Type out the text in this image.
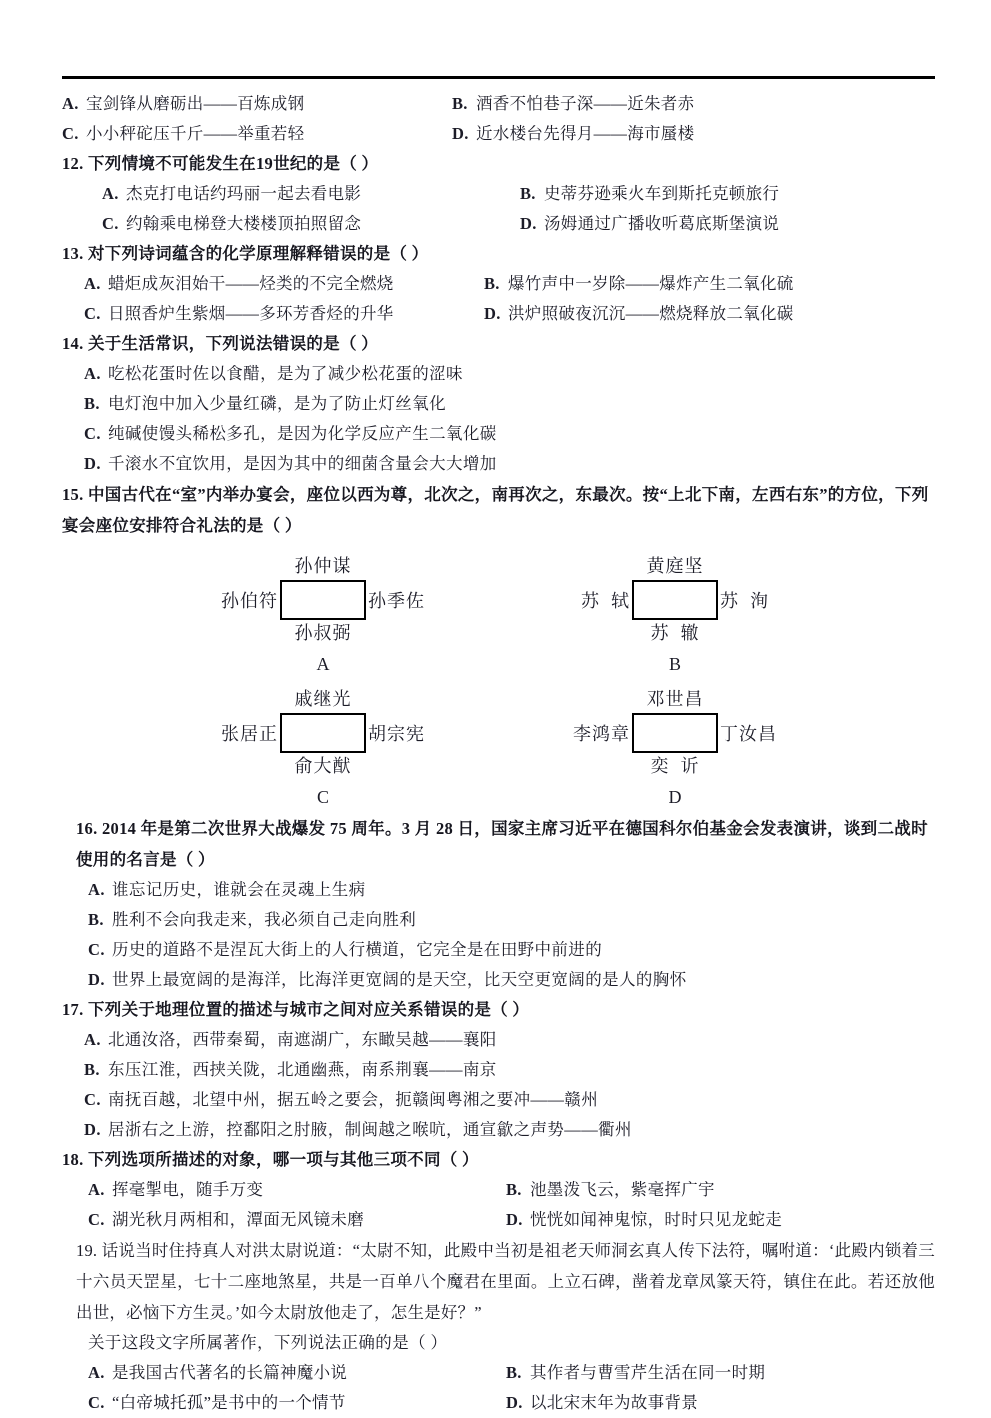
A. 宝剑锋从磨砺出——百炼成钢	B. 酒香不怕巷子深——近朱者赤
C. 小小秤砣压千斤——举重若轻	D. 近水楼台先得月——海市蜃楼
12. 下列情境不可能发生在19世纪的是（ ）
A. 杰克打电话约玛丽一起去看电影	B. 史蒂芬逊乘火车到斯托克顿旅行
C. 约翰乘电梯登大楼楼顶拍照留念	D. 汤姆通过广播收听葛底斯堡演说
13. 对下列诗词蕴含的化学原理解释错误的是（ ）
A. 蜡炬成灰泪始干——烃类的不完全燃烧	B. 爆竹声中一岁除——爆炸产生二氧化硫
C. 日照香炉生紫烟——多环芳香烃的升华	D. 洪炉照破夜沉沉——燃烧释放二氧化碳
14. 关于生活常识，下列说法错误的是（ ）
A. 吃松花蛋时佐以食醋，是为了减少松花蛋的涩味
B. 电灯泡中加入少量红磷，是为了防止灯丝氧化
C. 纯碱使馒头稀松多孔，是因为化学反应产生二氧化碳
D. 千滚水不宜饮用，是因为其中的细菌含量会大大增加
15. 中国古代在“室”内举办宴会，座位以西为尊，北次之，南再次之，东最次。按“上北下南，左西右东”的方位，下列宴会座位安排符合礼法的是（ ）
孙仲谋
孙伯符	孙季佐
孙叔弼
A
黄庭坚
苏  轼	苏  洵
苏  辙
B
戚继光
张居正	胡宗宪
俞大猷
C
邓世昌
李鸿章	丁汝昌
奕  䜣
D
16. 2014 年是第二次世界大战爆发 75 周年。3 月 28 日，国家主席习近平在德国科尔伯基金会发表演讲，谈到二战时使用的名言是（ ）
A. 谁忘记历史，谁就会在灵魂上生病
B. 胜利不会向我走来，我必须自己走向胜利
C. 历史的道路不是涅瓦大街上的人行横道，它完全是在田野中前进的
D. 世界上最宽阔的是海洋，比海洋更宽阔的是天空，比天空更宽阔的是人的胸怀
17. 下列关于地理位置的描述与城市之间对应关系错误的是（ ）
A. 北通汝洛，西带秦蜀，南遮湖广，东瞰吴越——襄阳
B. 东压江淮，西挟关陇，北通幽燕，南系荆襄——南京
C. 南抚百越，北望中州，据五岭之要会，扼赣闽粤湘之要冲——赣州
D. 居浙右之上游，控鄱阳之肘腋，制闽越之喉吭，通宣歙之声势——衢州
18. 下列选项所描述的对象，哪一项与其他三项不同（ ）
A. 挥毫掣电，随手万变	B. 池墨泼飞云，紫毫挥广宇
C. 湖光秋月两相和，潭面无风镜未磨	D. 恍恍如闻神鬼惊，时时只见龙蛇走
19. 话说当时住持真人对洪太尉说道：“太尉不知，此殿中当初是祖老天师洞玄真人传下法符，嘱咐道：‘此殿内锁着三十六员天罡星，七十二座地煞星，共是一百单八个魔君在里面。上立石碑，凿着龙章凤篆天符，镇住在此。若还放他出世，必恼下方生灵。’如今太尉放他走了，怎生是好？”
关于这段文字所属著作，下列说法正确的是（ ）
A. 是我国古代著名的长篇神魔小说	B. 其作者与曹雪芹生活在同一时期
C. “白帝城托孤”是书中的一个情节	D. 以北宋末年为故事背景
